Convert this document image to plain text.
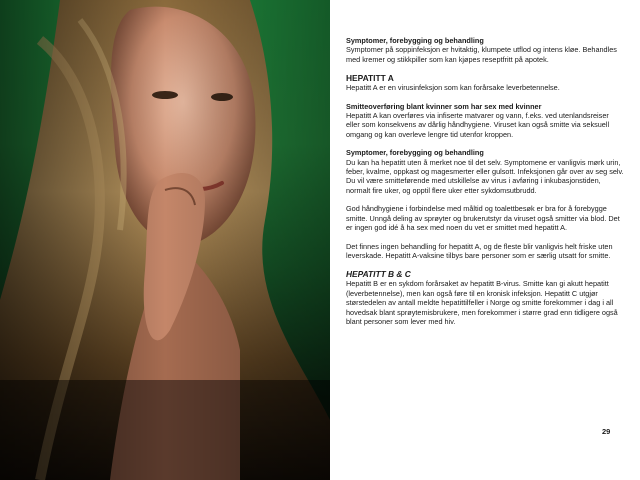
Symptomer, forebygging og behandling

Symptomer på soppinfeksjon er hvitaktig, klumpete utflod og intens kløe. Behandles med kremer og stikkpiller som kan kjøpes reseptfritt på apotek.

HEPATITT A

Hepatitt A er en virusinfeksjon som kan forårsake leverbetennelse.

Smitteoverføring blant kvinner som har sex med kvinner

Hepatitt A kan overføres via infiserte matvarer og vann, f.eks. ved utenlandsreiser eller som konsekvens av dårlig håndhygiene. Viruset kan også smitte via seksuell omgang og kan overleve lengre tid utenfor kroppen.

Symptomer, forebygging og behandling

Du kan ha hepatitt uten å merket noe til det selv. Symptomene er vanligvis mørk urin, feber, kvalme, oppkast og magesmerter eller gulsott. Infeksjonen går over av seg selv. Du vil være smitteførende med utskillelse av virus i avføring i inkubasjonstiden, normalt fire uker, og opptil flere uker etter sykdomsutbrudd.

God håndhygiene i forbindelse med måltid og toalettbesøk er bra for å forebygge smitte. Unngå deling av sprøyter og brukerutstyr da viruset også smitter via blod. Det er ingen god idé å ha sex med noen du vet er smittet med hepatitt A.

Det finnes ingen behandling for hepatitt A, og de fleste blir vanligvis helt friske uten leverskade. Hepatitt A-vaksine tilbys bare personer som er særlig utsatt for smitte.

HEPATITT B & C

Hepatitt B er en sykdom forårsaket av hepatitt B-virus. Smitte kan gi akutt hepatitt (leverbetennelse), men kan også føre til en kronisk infeksjon. Hepatitt C utgjør størstedelen av antall meldte hepatittilfeller i Norge og smitte forekommer i dag i all hovedsak blant sprøytemisbrukere, men forekommer i større grad enn tidligere også blant personer som lever med hiv.

29
